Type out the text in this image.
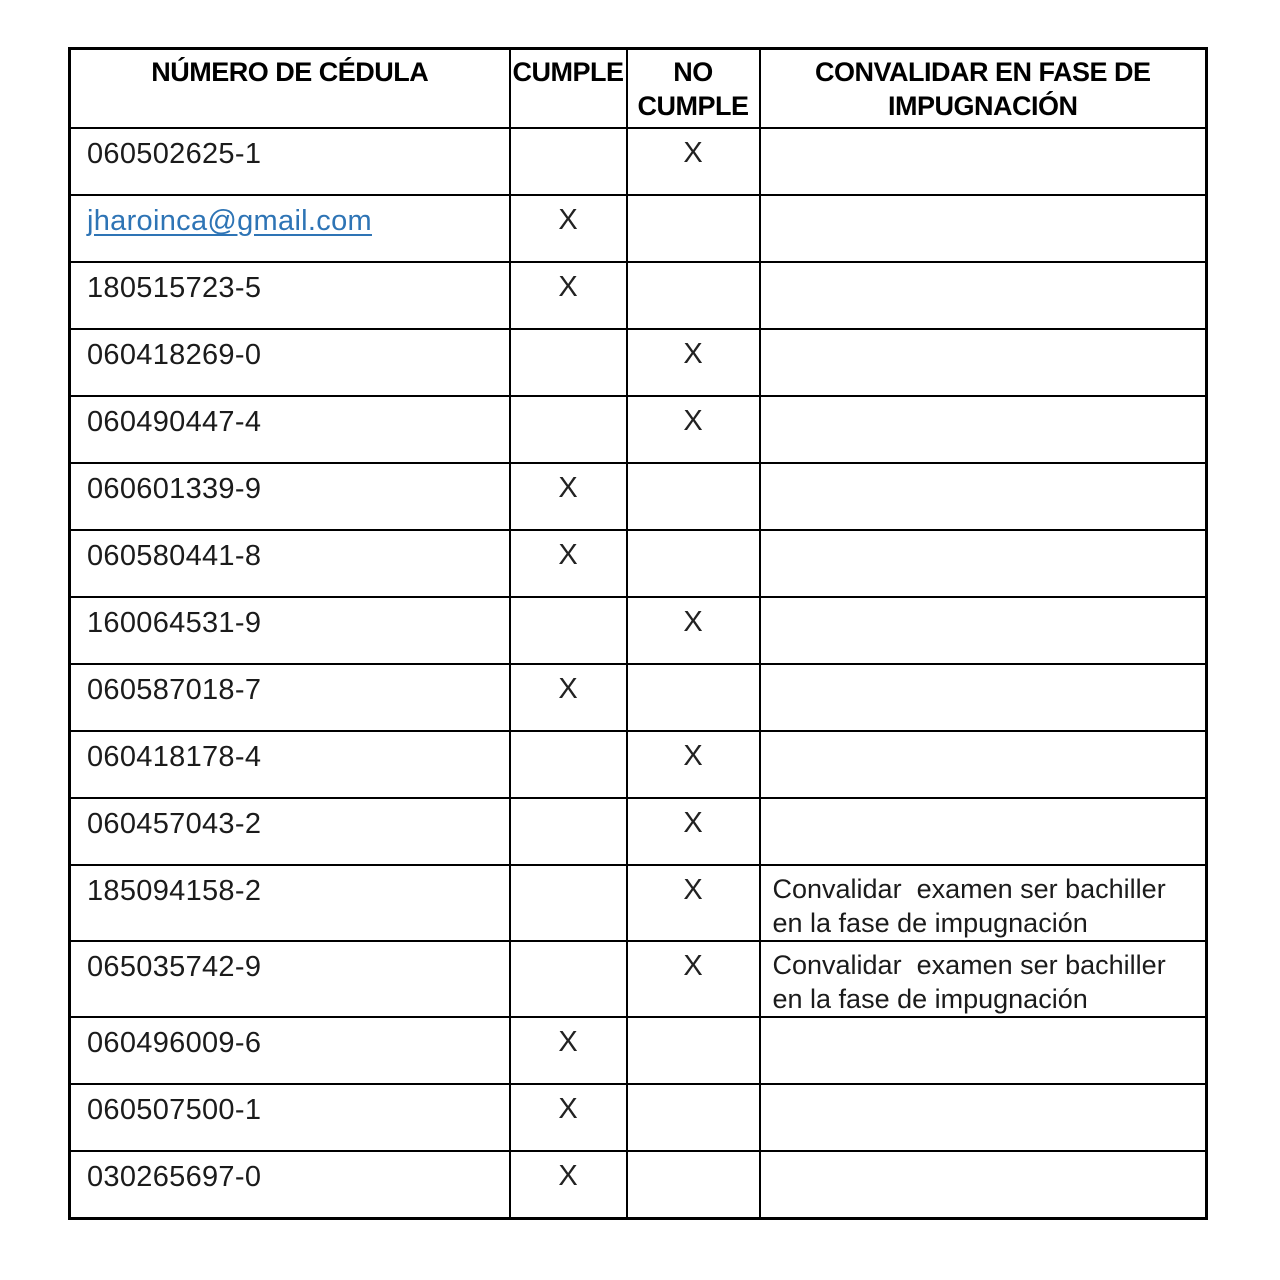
NÚMERO DE CÉDULA	CUMPLE	NO CUMPLE	CONVALIDAR EN FASE DE IMPUGNACIÓN
060502625-1		X	
jharoinca@gmail.com	X		
180515723-5	X		
060418269-0		X	
060490447-4		X	
060601339-9	X		
060580441-8	X		
160064531-9		X	
060587018-7	X		
060418178-4		X	
060457043-2		X	
185094158-2		X	Convalidar  examen ser bachiller en la fase de impugnación
065035742-9		X	Convalidar  examen ser bachiller en la fase de impugnación
060496009-6	X		
060507500-1	X		
030265697-0	X		
